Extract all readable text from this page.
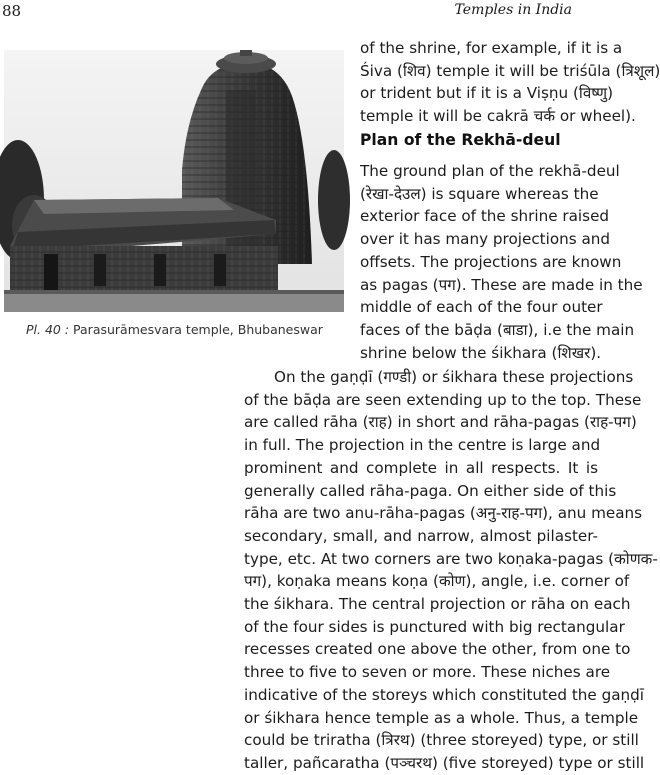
88	Temples in India
Pl. 40 : Parasurāmesvara temple, Bhubaneswar
of the shrine, for example, if it is a
Śiva (शिव) temple it will be triśūla (त्रिशूल)
or trident but if it is a Viṣṇu (विष्णु)
temple it will be cakrā चर्क or wheel).
Plan of the Rekhā-deul
The ground plan of the rekhā-deul
(रेखा-देउल) is square whereas the
exterior face of the shrine raised
over it has many projections and
offsets. The projections are known
as pagas (पग). These are made in the
middle of each of the four outer
faces of the bāḍa (बाडा), i.e the main
shrine below the śikhara (शिखर).
On the gaṇḍī (गण्डी) or śikhara these projections
of the bāḍa are seen extending up to the top. These
are called rāha (राह) in short and rāha-pagas (राह-पग)
in full. The projection in the centre is large and
prominent and complete in all respects. It is
generally called rāha-paga. On either side of this
rāha are two anu-rāha-pagas (अनु-राह-पग), anu means
secondary, small, and narrow, almost pilaster-
type, etc. At two corners are two koṇaka-pagas (कोणक-
पग), koṇaka means koṇa (कोण), angle, i.e. corner of
the śikhara. The central projection or rāha on each
of the four sides is punctured with big rectangular
recesses created one above the other, from one to
three to five to seven or more. These niches are
indicative of the storeys which constituted the gaṇḍī
or śikhara hence temple as a whole. Thus, a temple
could be triratha (त्रिरथ) (three storeyed) type, or still
taller, pañcaratha (पञ्चरथ) (five storeyed) type or still
